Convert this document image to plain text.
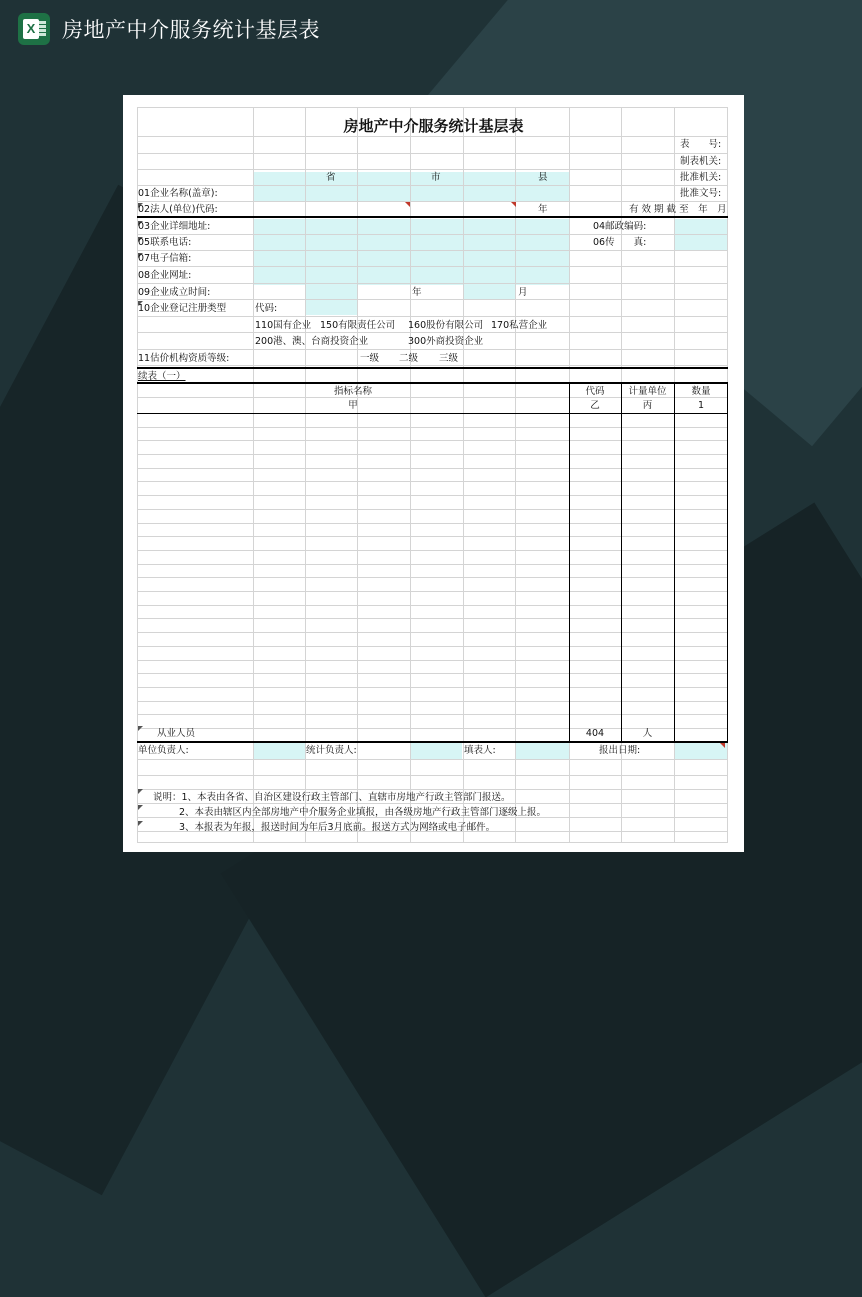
X 房地产中介服务统计基层表
房地产中介服务统计基层表
表　　号:
制表机关:
批准机关:
批准文号:
有 效 期 截 至　年　月
省	市	县
年
01企业名称(盖章):
02法人(单位)代码:
03企业详细地址:	04邮政编码:
05联系电话:	06传　　真:
07电子信箱:
08企业网址:
09企业成立时间:	年	月
10企业登记注册类型	代码:
110国有企业 150有限责任公司 160股份有限公司 170私营企业
200港、澳、台商投资企业	300外商投资企业
11估价机构资质等级:	一级 二级 三级
续表（一）
指标名称	代码	计量单位	数量
甲	乙	丙	1
从业人员	404	人
单位负责人:	统计负责人:	填表人:	报出日期:
说明：1、本表由各省、自治区建设行政主管部门、直辖市房地产行政主管部门报送。
2、本表由辖区内全部房地产中介服务企业填报，由各级房地产行政主管部门逐级上报。
3、本报表为年报，报送时间为年后3月底前。报送方式为网络或电子邮件。
